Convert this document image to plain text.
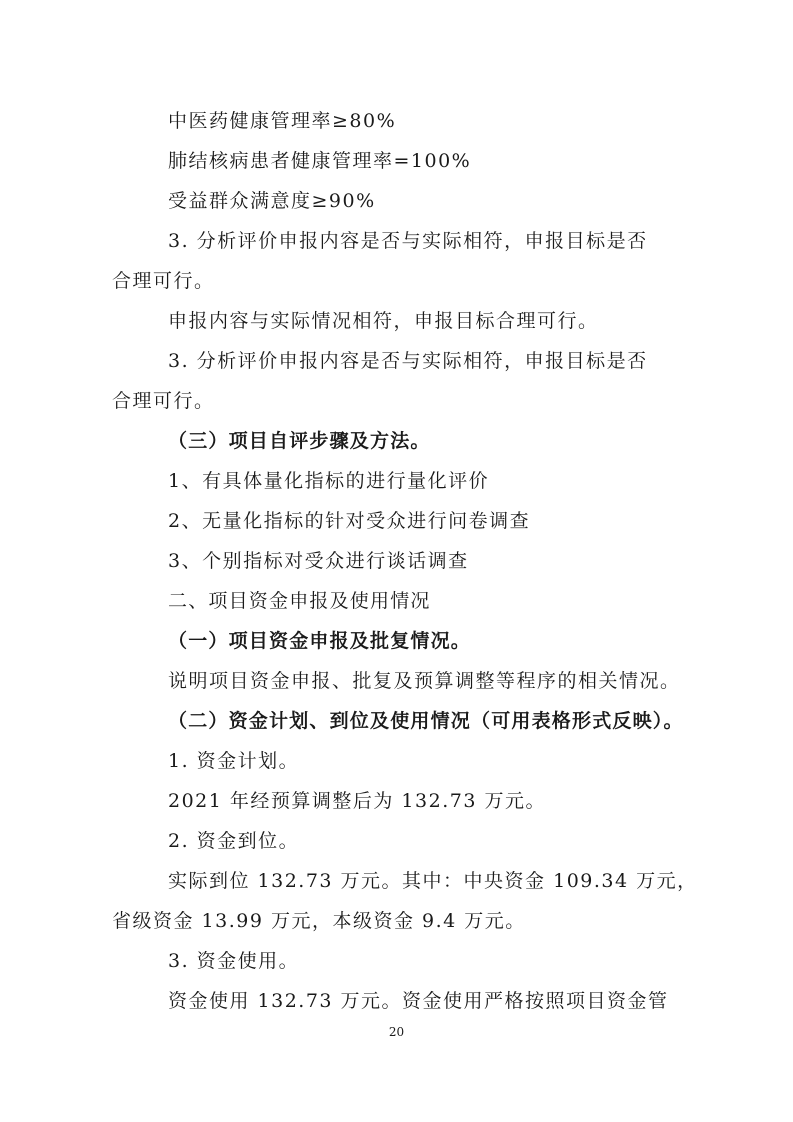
中医药健康管理率≥80%
肺结核病患者健康管理率=100%
受益群众满意度≥90%
3. 分析评价申报内容是否与实际相符，申报目标是否
合理可行。
申报内容与实际情况相符，申报目标合理可行。
3. 分析评价申报内容是否与实际相符，申报目标是否
合理可行。
（三）项目自评步骤及方法。
1、有具体量化指标的进行量化评价
2、无量化指标的针对受众进行问卷调查
3、个别指标对受众进行谈话调查
二、项目资金申报及使用情况
（一）项目资金申报及批复情况。
说明项目资金申报、批复及预算调整等程序的相关情况。
（二）资金计划、到位及使用情况（可用表格形式反映）。
1. 资金计划。
2021 年经预算调整后为 132.73 万元。
2. 资金到位。
实际到位 132.73 万元。其中：中央资金 109.34 万元，
省级资金 13.99 万元，本级资金 9.4 万元。
3. 资金使用。
资金使用 132.73 万元。资金使用严格按照项目资金管
20
